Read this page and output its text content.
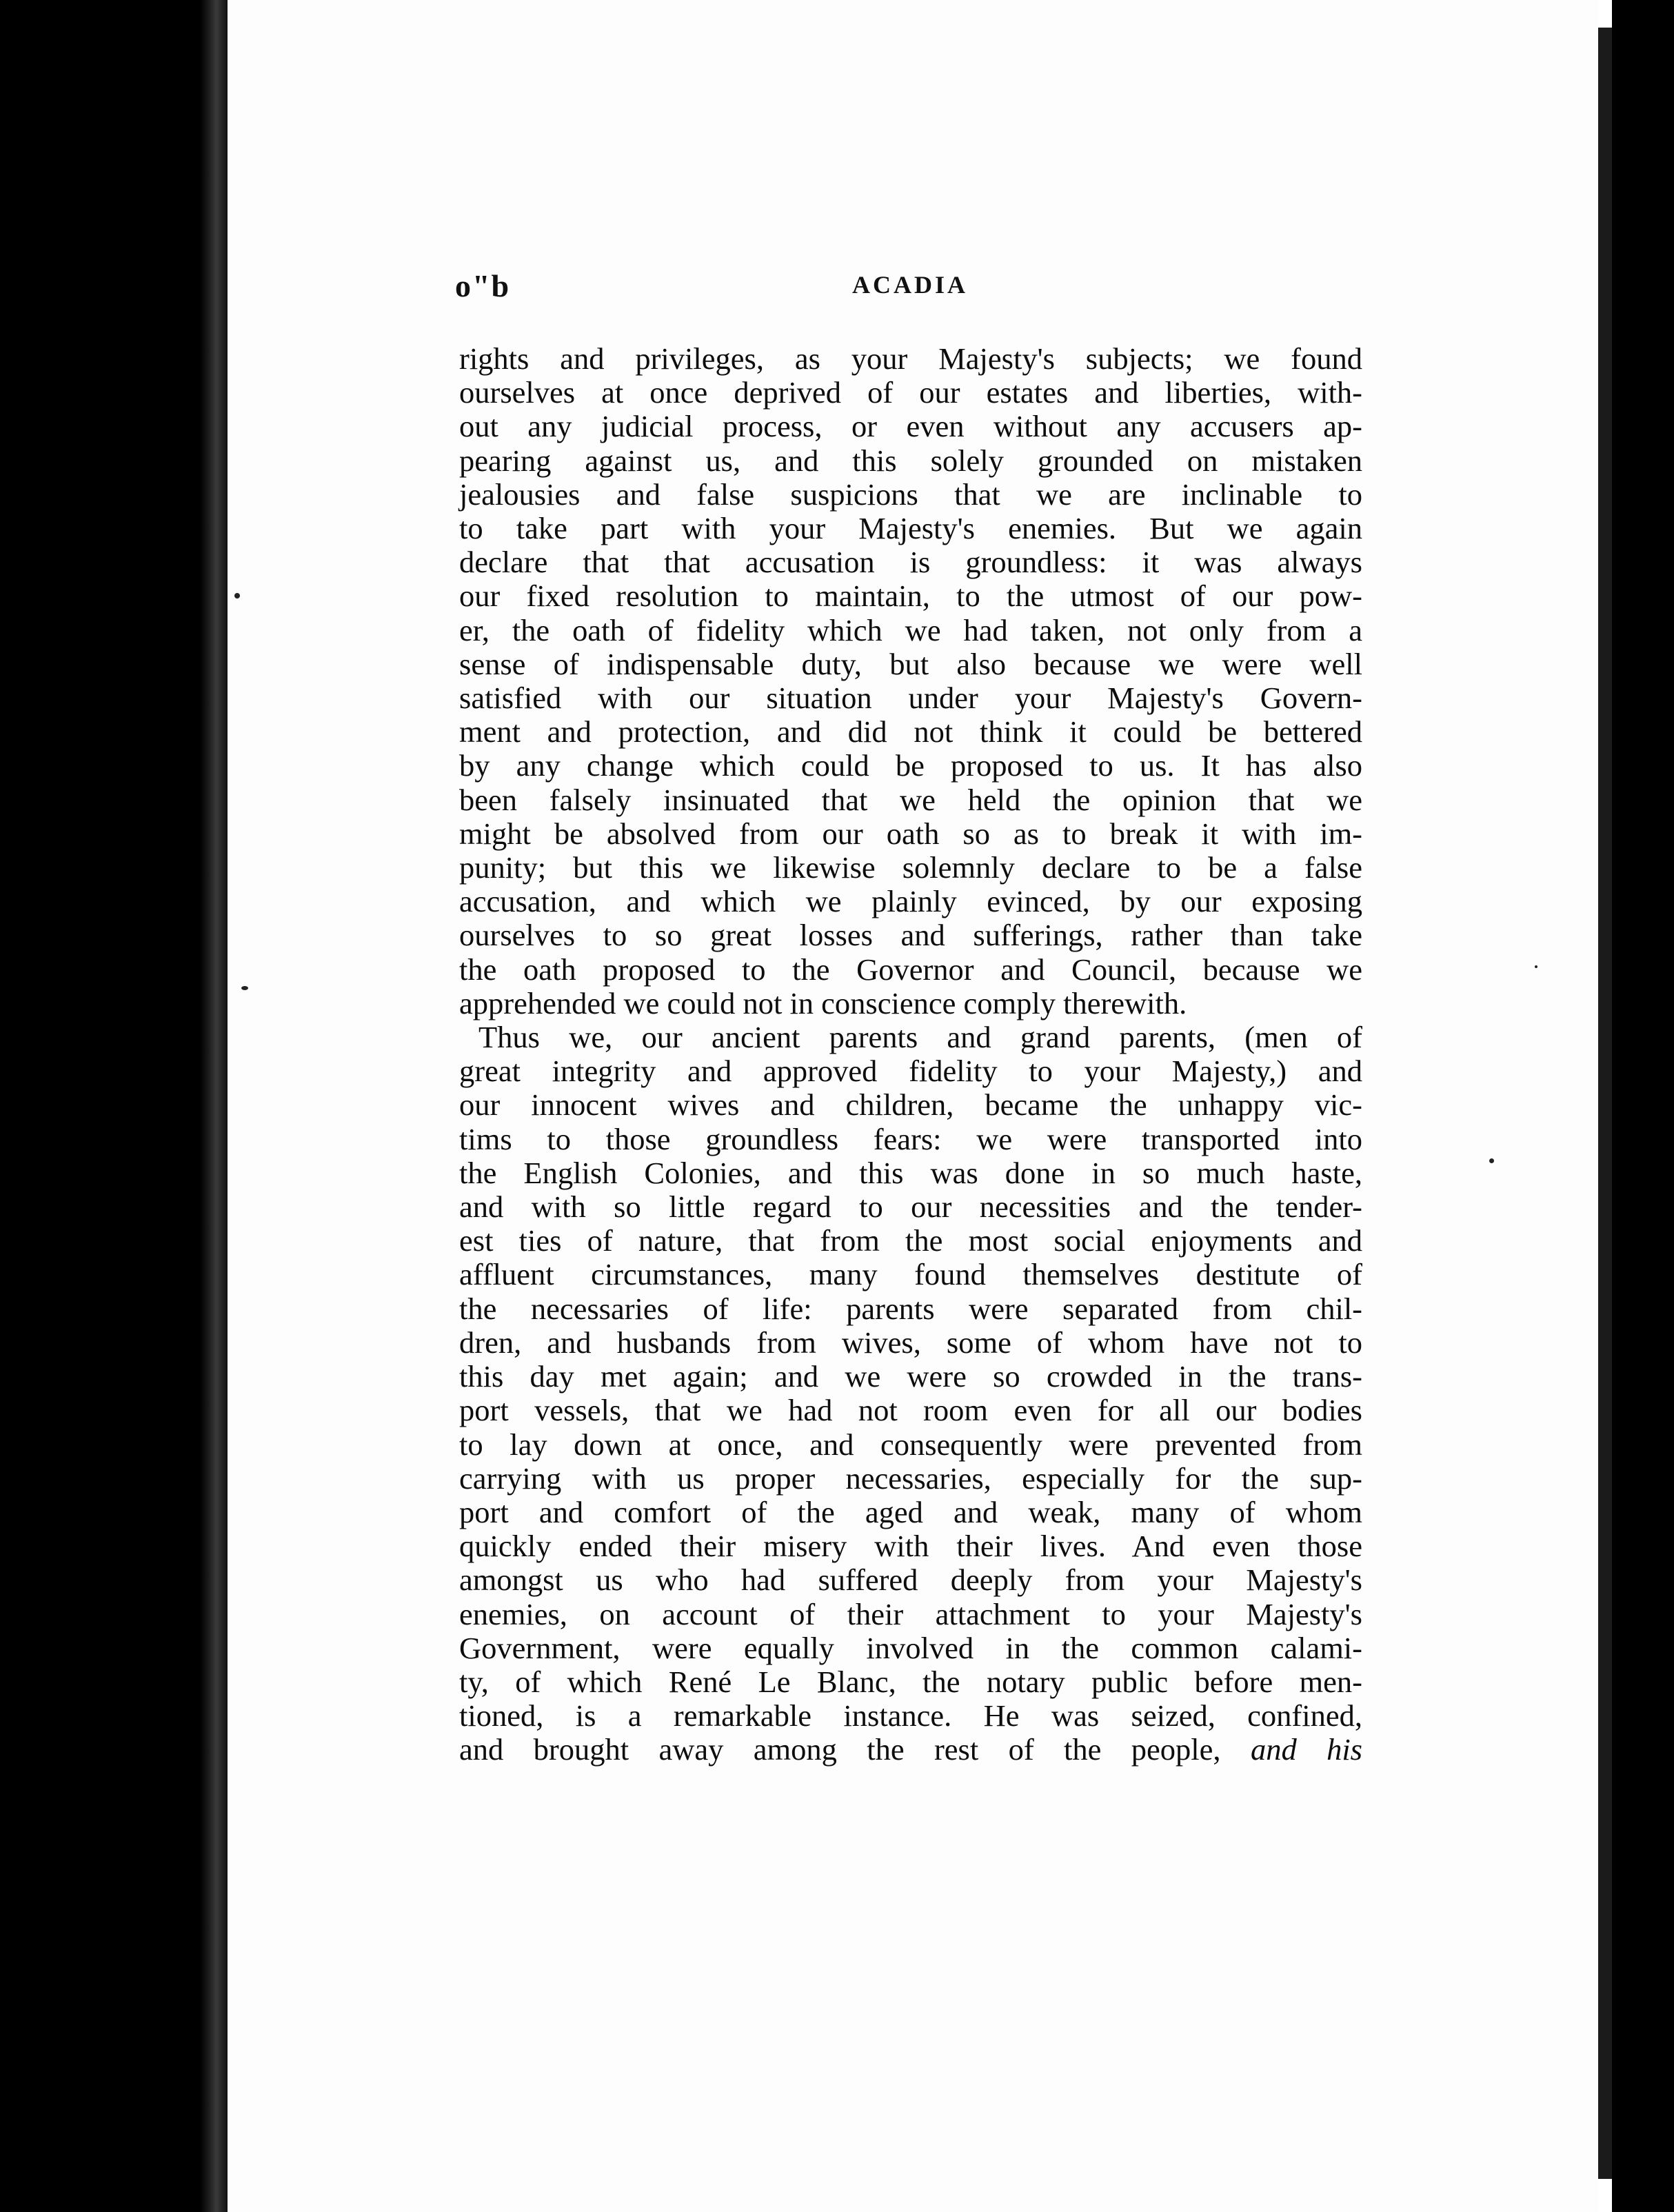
o"b	ACADIA
rights and privileges, as your Majesty's subjects; we found
ourselves at once deprived of our estates and liberties, with-
out any judicial process, or even without any accusers ap-
pearing against us, and this solely grounded on mistaken
jealousies and false suspicions that we are inclinable to
to take part with your Majesty's enemies. But we again
declare that that accusation is groundless: it was always
our fixed resolution to maintain, to the utmost of our pow-
er, the oath of fidelity which we had taken, not only from a
sense of indispensable duty, but also because we were well
satisfied with our situation under your Majesty's Govern-
ment and protection, and did not think it could be bettered
by any change which could be proposed to us. It has also
been falsely insinuated that we held the opinion that we
might be absolved from our oath so as to break it with im-
punity; but this we likewise solemnly declare to be a false
accusation, and which we plainly evinced, by our exposing
ourselves to so great losses and sufferings, rather than take
the oath proposed to the Governor and Council, because we
apprehended we could not in conscience comply therewith.
Thus we, our ancient parents and grand parents, (men of
great integrity and approved fidelity to your Majesty,) and
our innocent wives and children, became the unhappy vic-
tims to those groundless fears: we were transported into
the English Colonies, and this was done in so much haste,
and with so little regard to our necessities and the tender-
est ties of nature, that from the most social enjoyments and
affluent circumstances, many found themselves destitute of
the necessaries of life: parents were separated from chil-
dren, and husbands from wives, some of whom have not to
this day met again; and we were so crowded in the trans-
port vessels, that we had not room even for all our bodies
to lay down at once, and consequently were prevented from
carrying with us proper necessaries, especially for the sup-
port and comfort of the aged and weak, many of whom
quickly ended their misery with their lives. And even those
amongst us who had suffered deeply from your Majesty's
enemies, on account of their attachment to your Majesty's
Government, were equally involved in the common calami-
ty, of which René Le Blanc, the notary public before men-
tioned, is a remarkable instance. He was seized, confined,
and brought away among the rest of the people, and his
